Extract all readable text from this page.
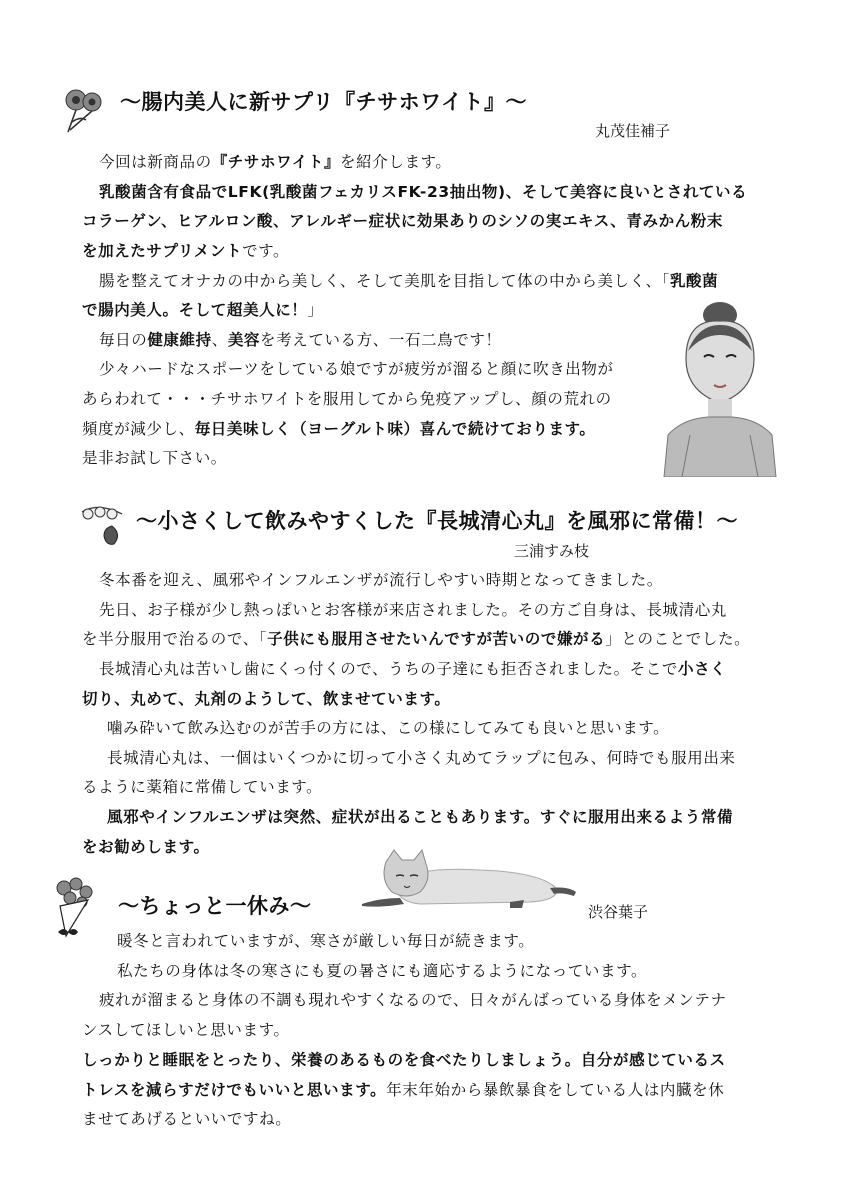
～腸内美人に新サプリ『チサホワイト』～
丸茂佳補子
今回は新商品の『チサホワイト』を紹介します。
乳酸菌含有食品でLFK(乳酸菌フェカリスFK-23抽出物)、そして美容に良いとされている
コラーゲン、ヒアルロン酸、アレルギー症状に効果ありのシソの実エキス、青みかん粉末
を加えたサプリメントです。
腸を整えてオナカの中から美しく、そして美肌を目指して体の中から美しく、「乳酸菌
で腸内美人。そして超美人に！」
毎日の健康維持、美容を考えている方、一石二鳥です！
少々ハードなスポーツをしている娘ですが疲労が溜ると顔に吹き出物が
あらわれて・・・チサホワイトを服用してから免疫アップし、顔の荒れの
頻度が減少し、毎日美味しく（ヨーグルト味）喜んで続けております。
是非お試し下さい。
～小さくして飲みやすくした『長城清心丸』を風邪に常備！～
三浦すみ枝
冬本番を迎え、風邪やインフルエンザが流行しやすい時期となってきました。
先日、お子様が少し熱っぽいとお客様が来店されました。その方ご自身は、長城清心丸
を半分服用で治るので、「子供にも服用させたいんですが苦いので嫌がる」とのことでした。
長城清心丸は苦いし歯にくっ付くので、うちの子達にも拒否されました。そこで小さく
切り、丸めて、丸剤のようして、飲ませています。
噛み砕いて飲み込むのが苦手の方には、この様にしてみても良いと思います。
長城清心丸は、一個はいくつかに切って小さく丸めてラップに包み、何時でも服用出来
るように薬箱に常備しています。
風邪やインフルエンザは突然、症状が出ることもあります。すぐに服用出来るよう常備
をお勧めします。
～ちょっと一休み～	渋谷葉子
暖冬と言われていますが、寒さが厳しい毎日が続きます。
私たちの身体は冬の寒さにも夏の暑さにも適応するようになっています。
疲れが溜まると身体の不調も現れやすくなるので、日々がんばっている身体をメンテナ
ンスしてほしいと思います。
しっかりと睡眠をとったり、栄養のあるものを食べたりしましょう。自分が感じているス
トレスを減らすだけでもいいと思います。年末年始から暴飲暴食をしている人は内臓を休
ませてあげるといいですね。
